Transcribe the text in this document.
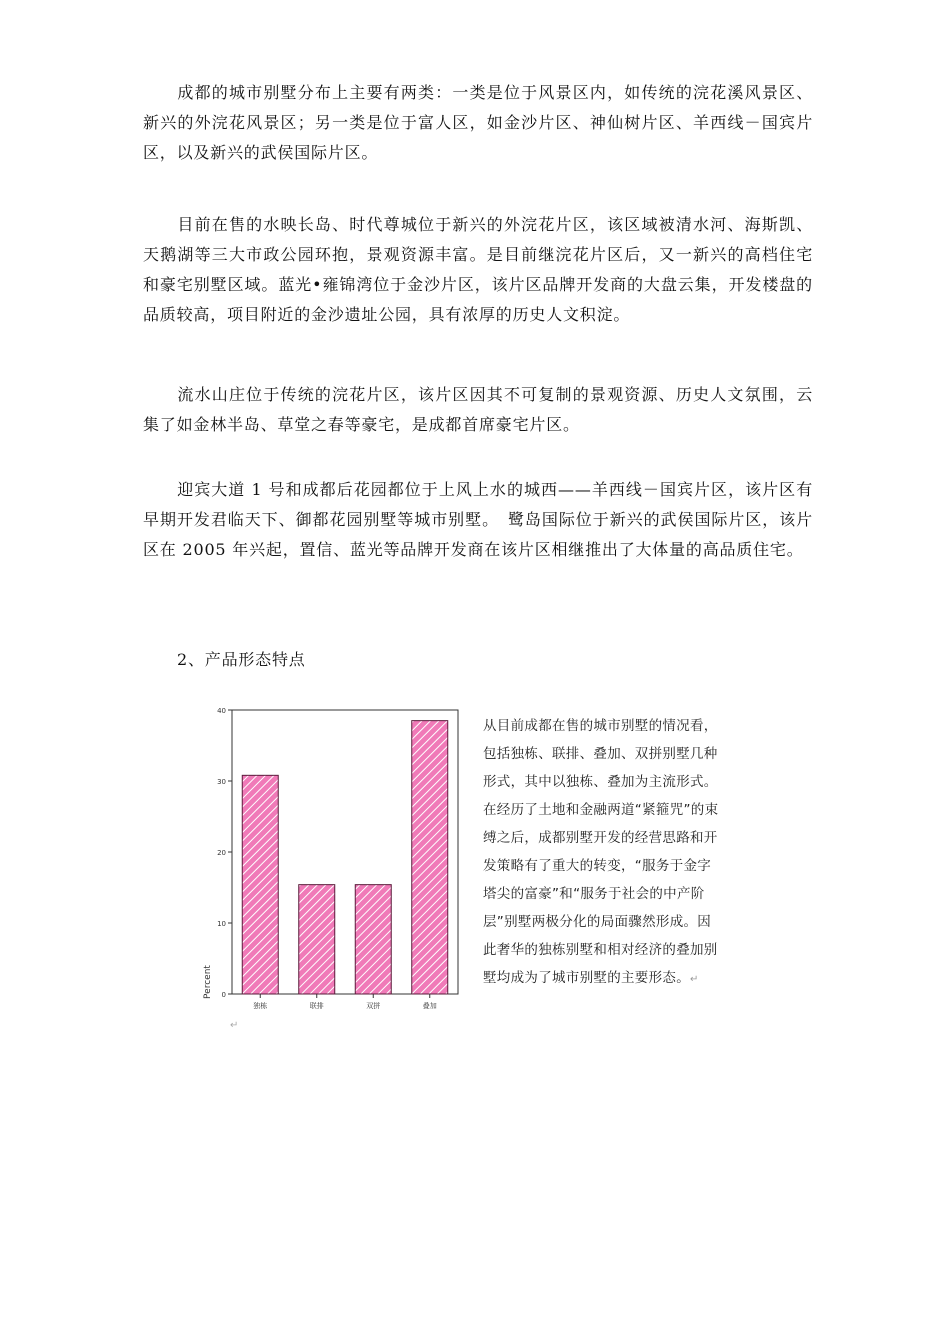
成都的城市别墅分布上主要有两类：一类是位于风景区内，如传统的浣花溪风景区、新兴的外浣花风景区；另一类是位于富人区，如金沙片区、神仙树片区、羊西线－国宾片区，以及新兴的武侯国际片区。

目前在售的水映长岛、时代尊城位于新兴的外浣花片区，该区域被清水河、海斯凯、天鹅湖等三大市政公园环抱，景观资源丰富。是目前继浣花片区后，又一新兴的高档住宅和豪宅别墅区域。蓝光•雍锦湾位于金沙片区，该片区品牌开发商的大盘云集，开发楼盘的品质较高，项目附近的金沙遗址公园，具有浓厚的历史人文积淀。

流水山庄位于传统的浣花片区，该片区因其不可复制的景观资源、历史人文氛围，云集了如金林半岛、草堂之春等豪宅，是成都首席豪宅片区。

迎宾大道 1 号和成都后花园都位于上风上水的城西——羊西线－国宾片区，该片区有早期开发君临天下、御都花园别墅等城市别墅。　鹭岛国际位于新兴的武侯国际片区，该片区在 2005 年兴起，置信、蓝光等品牌开发商在该片区相继推出了大体量的高品质住宅。

2、产品形态特点
0
10
20
30
40
Percent
独栋	联排	双拼	叠加
↵
从目前成都在售的城市别墅的情况看，包括独栋、联排、叠加、双拼别墅几种形式，其中以独栋、叠加为主流形式。在经历了土地和金融两道“紧箍咒”的束缚之后，成都别墅开发的经营思路和开发策略有了重大的转变，“服务于金字塔尖的富豪”和“服务于社会的中产阶层”别墅两极分化的局面骤然形成。因此奢华的独栋别墅和相对经济的叠加别墅均成为了城市别墅的主要形态。↵
